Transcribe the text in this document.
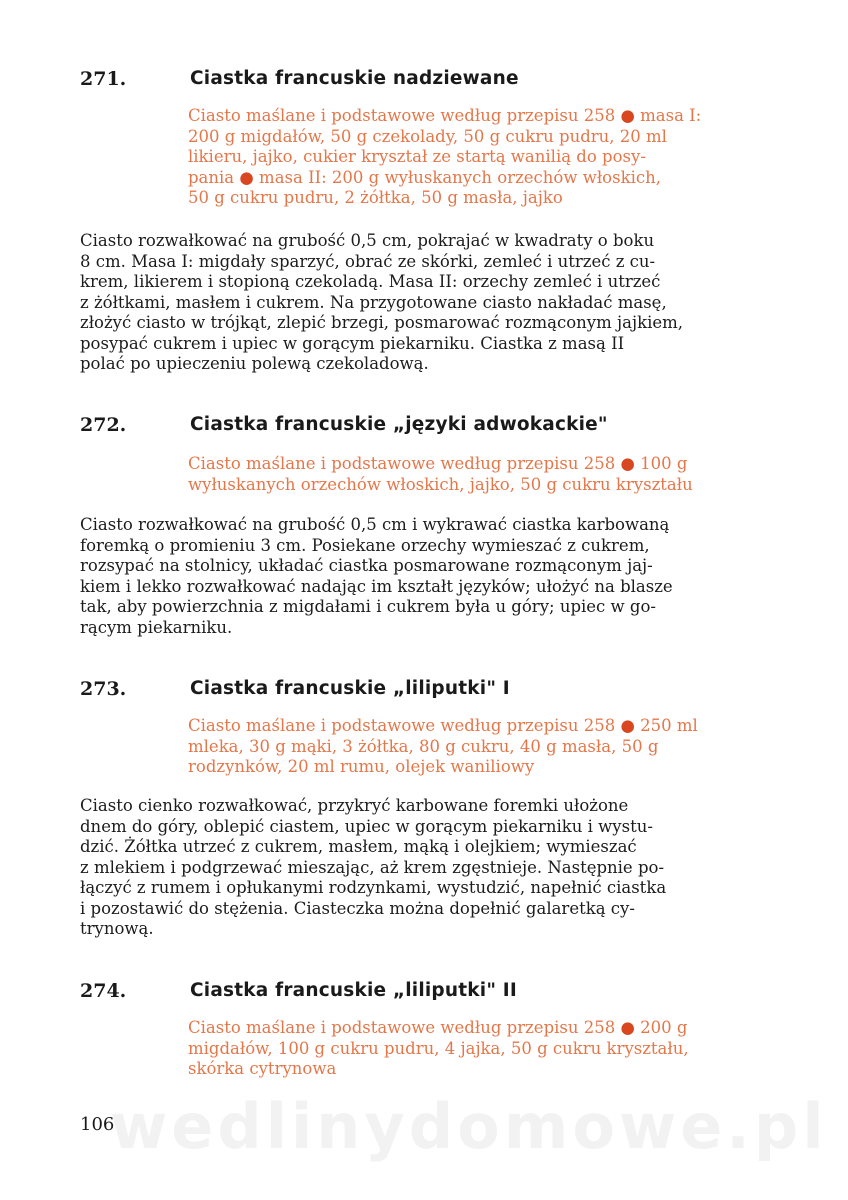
271.	Ciastka francuskie nadziewane
Ciasto maślane i podstawowe według przepisu 258 ● masa I:
200 g migdałów, 50 g czekolady, 50 g cukru pudru, 20 ml
likieru, jajko, cukier kryształ ze startą wanilią do posy-
pania ● masa II: 200 g wyłuskanych orzechów włoskich,
50 g cukru pudru, 2 żółtka, 50 g masła, jajko
Ciasto rozwałkować na grubość 0,5 cm, pokrajać w kwadraty o boku
8 cm. Masa I: migdały sparzyć, obrać ze skórki, zemleć i utrzeć z cu-
krem, likierem i stopioną czekoladą. Masa II: orzechy zemleć i utrzeć
z żółtkami, masłem i cukrem. Na przygotowane ciasto nakładać masę,
złożyć ciasto w trójkąt, zlepić brzegi, posmarować rozmąconym jajkiem,
posypać cukrem i upiec w gorącym piekarniku. Ciastka z masą II
polać po upieczeniu polewą czekoladową.
272.	Ciastka francuskie „języki adwokackie"
Ciasto maślane i podstawowe według przepisu 258 ● 100 g
wyłuskanych orzechów włoskich, jajko, 50 g cukru kryształu
Ciasto rozwałkować na grubość 0,5 cm i wykrawać ciastka karbowaną
foremką o promieniu 3 cm. Posiekane orzechy wymieszać z cukrem,
rozsypać na stolnicy, układać ciastka posmarowane rozmąconym jaj-
kiem i lekko rozwałkować nadając im kształt języków; ułożyć na blasze
tak, aby powierzchnia z migdałami i cukrem była u góry; upiec w go-
rącym piekarniku.
273.	Ciastka francuskie „liliputki" I
Ciasto maślane i podstawowe według przepisu 258 ● 250 ml
mleka, 30 g mąki, 3 żółtka, 80 g cukru, 40 g masła, 50 g
rodzynków, 20 ml rumu, olejek waniliowy
Ciasto cienko rozwałkować, przykryć karbowane foremki ułożone
dnem do góry, oblepić ciastem, upiec w gorącym piekarniku i wystu-
dzić. Żółtka utrzeć z cukrem, masłem, mąką i olejkiem; wymieszać
z mlekiem i podgrzewać mieszając, aż krem zgęstnieje. Następnie po-
łączyć z rumem i opłukanymi rodzynkami, wystudzić, napełnić ciastka
i pozostawić do stężenia. Ciasteczka można dopełnić galaretką cy-
trynową.
274.	Ciastka francuskie „liliputki" II
Ciasto maślane i podstawowe według przepisu 258 ● 200 g
migdałów, 100 g cukru pudru, 4 jajka, 50 g cukru kryształu,
skórka cytrynowa
wedlinydomowe.pl
106
